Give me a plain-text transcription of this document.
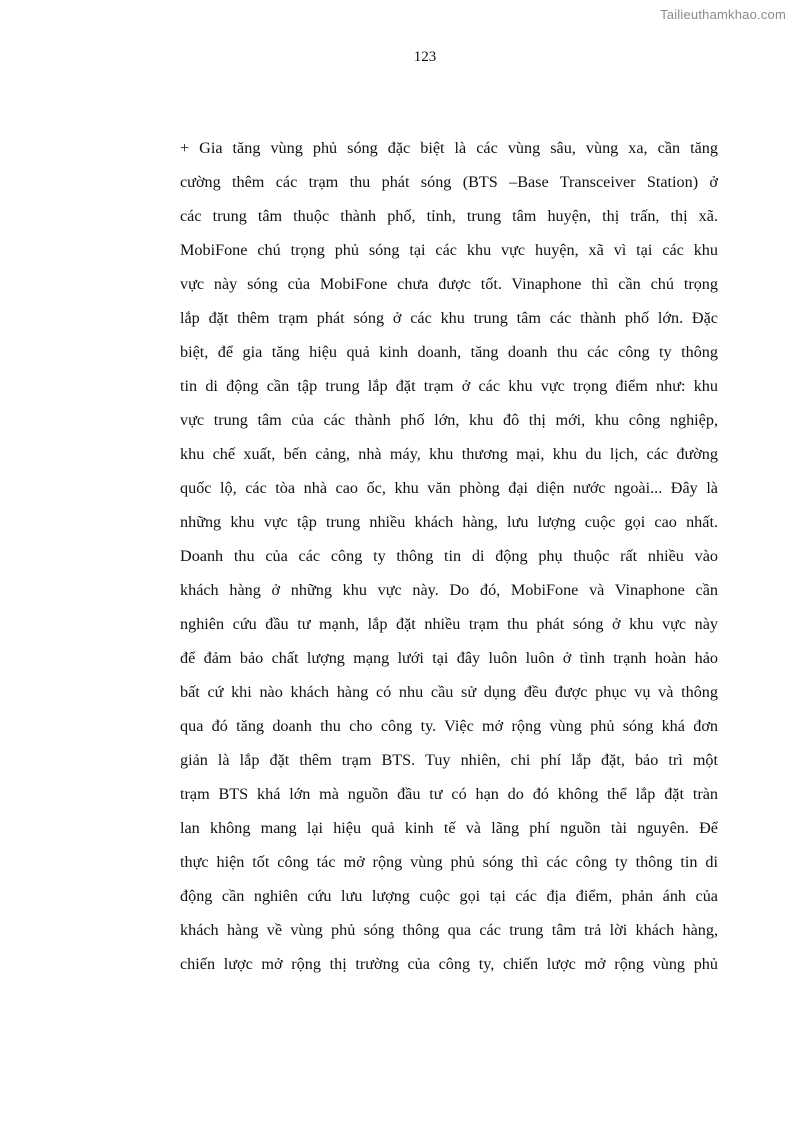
Tailieuthamkhao.com
123
+ Gia tăng vùng phủ sóng đặc biệt là các vùng sâu, vùng xa, cần tăng
cường thêm các trạm thu phát sóng (BTS –Base Transceiver Station) ở
các trung tâm thuộc thành phố, tỉnh, trung tâm huyện, thị trấn, thị xã.
MobiFone chú trọng phủ sóng tại các khu vực huyện, xã vì tại các khu
vực này sóng của MobiFone chưa được tốt. Vinaphone thì cần chú trọng
lắp đặt thêm trạm phát sóng ở các khu trung tâm các thành phố lớn. Đặc
biệt, để gia tăng hiệu quả kinh doanh, tăng doanh thu các công ty thông
tin di động cần tập trung lắp đặt trạm ở các khu vực trọng điểm như: khu
vực trung tâm của các thành phố lớn, khu đô thị mới, khu công nghiệp,
khu chế xuất, bến cảng, nhà máy, khu thương mại, khu du lịch, các đường
quốc lộ, các tòa nhà cao ốc, khu văn phòng đại diện nước ngoài... Đây là
những khu vực tập trung nhiều khách hàng, lưu lượng cuộc gọi cao nhất.
Doanh thu của các công ty thông tin di động phụ thuộc rất nhiều vào
khách hàng ở những khu vực này. Do đó, MobiFone và Vinaphone cần
nghiên cứu đầu tư mạnh, lắp đặt nhiều trạm thu phát sóng ở khu vực này
để đảm bảo chất lượng mạng lưới tại đây luôn luôn ở tình trạnh hoàn hảo
bất cứ khi nào khách hàng có nhu cầu sử dụng đều được phục vụ và thông
qua đó tăng doanh thu cho công ty. Việc mở rộng vùng phủ sóng khá đơn
giản là lắp đặt thêm trạm BTS. Tuy nhiên, chi phí lắp đặt, bảo trì một
trạm BTS khá lớn mà nguồn đầu tư có hạn do đó không thể lắp đặt tràn
lan không mang lại hiệu quả kinh tế và lãng phí nguồn tài nguyên. Để
thực hiện tốt công tác mở rộng vùng phủ sóng thì các công ty thông tin di
động cần nghiên cứu lưu lượng cuộc gọi tại các địa điểm, phản ánh của
khách hàng về vùng phủ sóng thông qua các trung tâm trả lời khách hàng,
chiến lược mở rộng thị trường của công ty, chiến lược mở rộng vùng phủ
